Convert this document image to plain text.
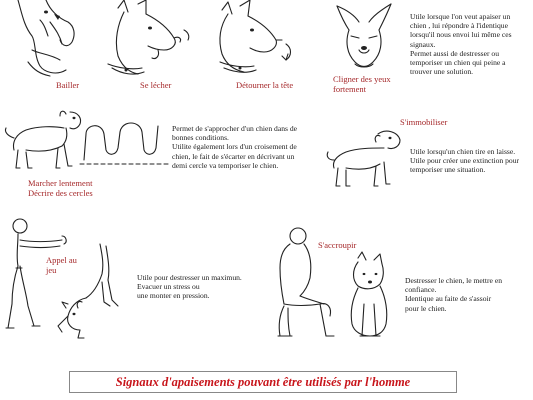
Bailler	Se lécher	Détourner la tête
Cligner des yeux
fortement
Utile lorsque l'on veut apaiser un
chien , lui répondre à l'identique
lorsqu'il nous envoi lui même ces
signaux.
Permet aussi de destresser ou
temporiser un chien qui peine a
trouver une solution.
Marcher lentement
Décrire des cercles
Permet de s'approcher d'un chien dans de
bonnes conditions.
Utilite également lors d'un croisement de
chien, le fait de s'écarter en décrivant un
demi cercle va temporiser le chien.
S'immobiliser
Utile lorsqu'un chien tire en laisse.
Utile pour créer une extinction pour
temporiser une situation.
Appel au
jeu
Utile pour destresser un maximun.
Evacuer un stress ou
une monter en pression.
S'accroupir
Destresser le chien, le mettre en
confiance.
Identique au faite de s'assoir
pour le chien.
Signaux d'apaisements pouvant être utilisés par l'homme
